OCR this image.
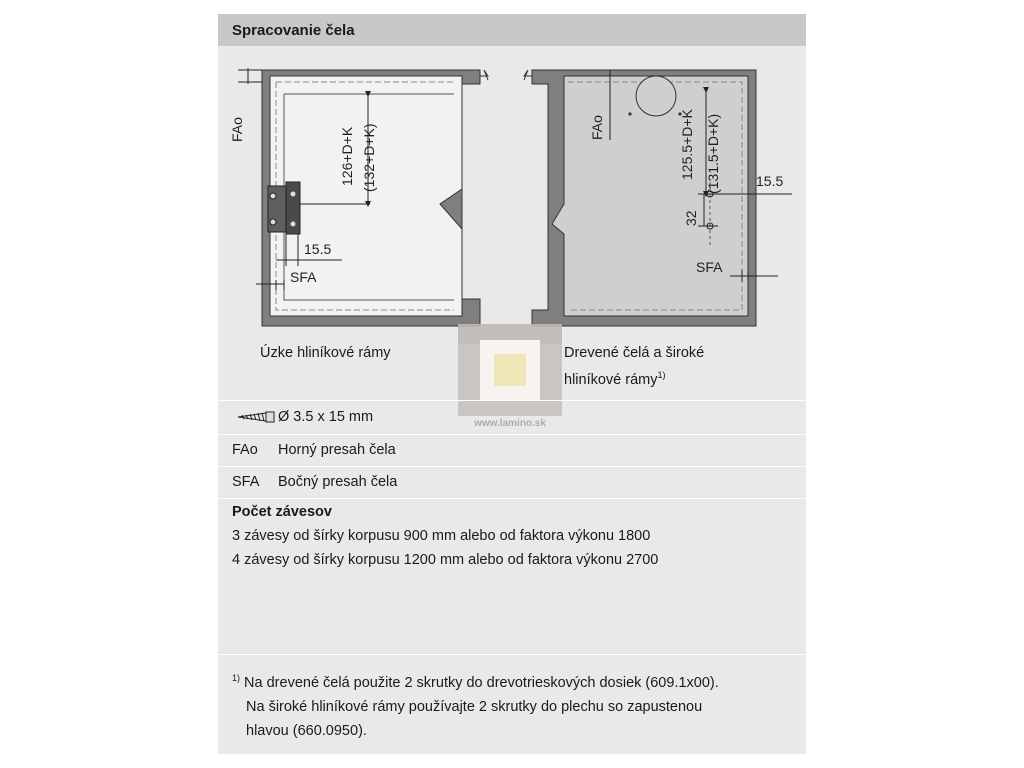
Spracovanie čela
126+D+K (132+D+K)
FAo
15.5
SFA
125.5+D+K (131.5+D+K)
32
15.5
FAo
SFA
www.lamino.sk
Úzke hliníkové rámy	Drevené čelá a široké
hliníkové rámy$^{1)}$
Ø 3.5 x 15 mm
FAo Horný presah čela
SFA Bočný presah čela
Počet závesov
3 závesy od šírky korpusu 900 mm alebo od faktora výkonu 1800
4 závesy od šírky korpusu 1200 mm alebo od faktora výkonu 2700
$^{1)}$ Na drevené čelá použite 2 skrutky do drevotrieskových dosiek (609.1x00).
Na široké hliníkové rámy používajte 2 skrutky do plechu so zapustenou
hlavou (660.0950).
